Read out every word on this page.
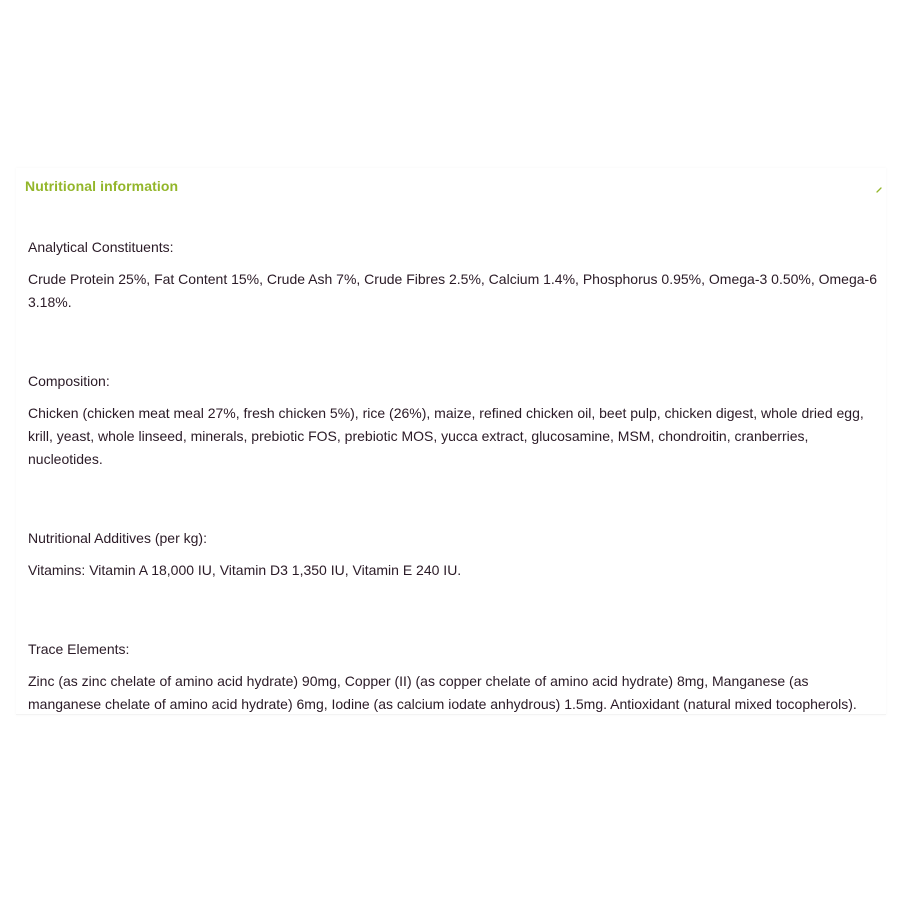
Nutritional information

Analytical Constituents:

Crude Protein 25%, Fat Content 15%, Crude Ash 7%, Crude Fibres 2.5%, Calcium 1.4%, Phosphorus 0.95%, Omega-3 0.50%, Omega-6 3.18%.

Composition:

Chicken (chicken meat meal 27%, fresh chicken 5%), rice (26%), maize, refined chicken oil, beet pulp, chicken digest, whole dried egg, krill, yeast, whole linseed, minerals, prebiotic FOS, prebiotic MOS, yucca extract, glucosamine, MSM, chondroitin, cranberries, nucleotides.

Nutritional Additives (per kg):

Vitamins: Vitamin A 18,000 IU, Vitamin D3 1,350 IU, Vitamin E 240 IU.

Trace Elements:

Zinc (as zinc chelate of amino acid hydrate) 90mg, Copper (II) (as copper chelate of amino acid hydrate) 8mg, Manganese (as manganese chelate of amino acid hydrate) 6mg, Iodine (as calcium iodate anhydrous) 1.5mg. Antioxidant (natural mixed tocopherols).
